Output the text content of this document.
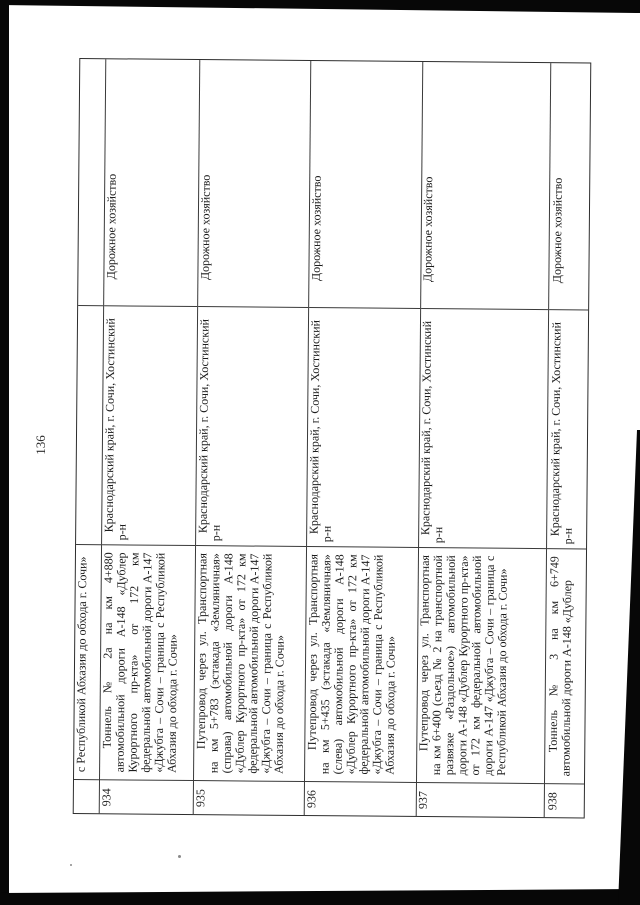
136
с Республикой Абхазия до обхода г. Сочи»
Дорожное хозяйство
Краснодарский край, г. Сочи, Хостинский р-н
Тоннель № 2а на км 4+880 автомобильной дороги А-148 «Дублер Курортного пр-кта» от 172 км федеральной автомобильной дороги А-147 «Джубга – Сочи – граница с Республикой Абхазия до обхода г. Сочи»
934
Дорожное хозяйство
Краснодарский край, г. Сочи, Хостинский р-н
Путепровод через ул. Транспортная на км 5+783 (эстакада «Земляничная» (справа) автомобильной дороги А-148 «Дублер Курортного пр-кта» от 172 км федеральной автомобильной дороги А-147 «Джубга – Сочи – граница с Республикой Абхазия до обхода г. Сочи»
935
Дорожное хозяйство
Краснодарский край, г. Сочи, Хостинский р-н
Путепровод через ул. Транспортная на км 5+435 (эстакада «Земляничная» (слева) автомобильной дороги А-148 «Дублер Курортного пр-кта» от 172 км федеральной автомобильной дороги А-147 «Джубга – Сочи – граница с Республикой Абхазия до обхода г. Сочи»
936
Дорожное хозяйство
Краснодарский край, г. Сочи, Хостинский р-н
Путепровод через ул. Транспортная на км 6+400 (съезд № 2 на транспортной развязке «Раздольное») автомобильной дороги А-148 «Дублер Курортного пр-кта» от 172 км федеральной автомобильной дороги А-147 «Джубга – Сочи – граница с Республикой Абхазия до обхода г. Сочи»
937
Дорожное хозяйство
Краснодарский край, г. Сочи, Хостинский р-н
Тоннель № 3 на км 6+749 автомобильной дороги А-148 «Дублер
938
